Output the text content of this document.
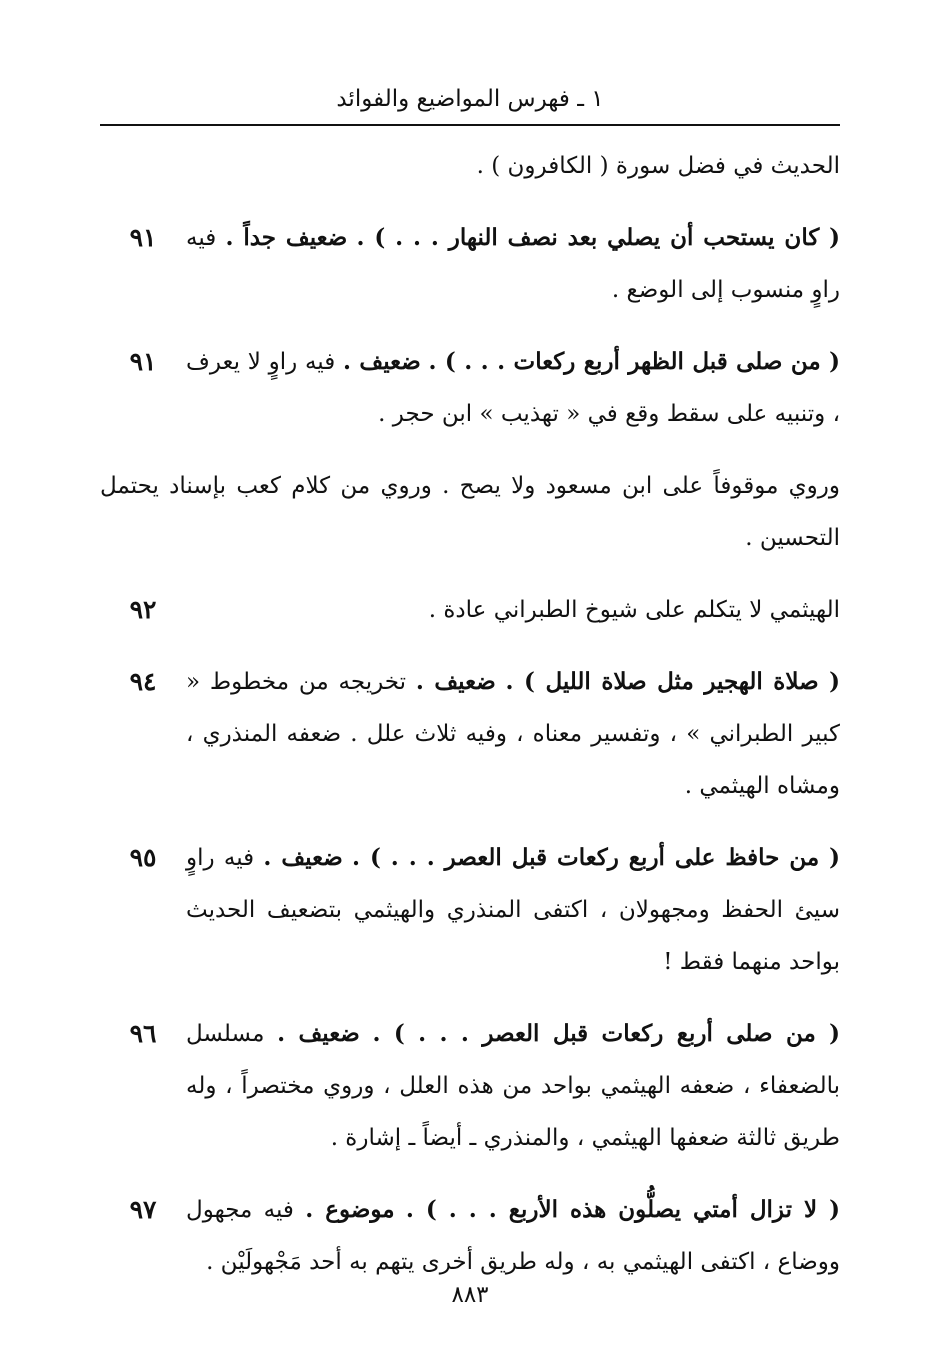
١ ـ فهرس المواضيع والفوائد
الحديث في فضل سورة ( الكافرون ) .
( كان يستحب أن يصلي بعد نصف النهار . . . ) . ضعيف جداً . فيه راوٍ منسوب إلى الوضع .
٩١
( من صلى قبل الظهر أربع ركعات . . . ) . ضعيف . فيه راوٍ لا يعرف ، وتنبيه على سقط وقع في « تهذيب » ابن حجر .
٩١
وروي موقوفاً على ابن مسعود ولا يصح . وروي من كلام كعب بإسناد يحتمل التحسين .
الهيثمي لا يتكلم على شيوخ الطبراني عادة .
٩٢
( صلاة الهجير مثل صلاة الليل ) . ضعيف . تخريجه من مخطوط « كبير الطبراني » ، وتفسير معناه ، وفيه ثلاث علل . ضعفه المنذري ، ومشاه الهيثمي .
٩٤
( من حافظ على أربع ركعات قبل العصر . . . ) . ضعيف . فيه راوٍ سيئ الحفظ ومجهولان ، اكتفى المنذري والهيثمي بتضعيف الحديث بواحد منهما فقط !
٩٥
( من صلى أربع ركعات قبل العصر . . . ) . ضعيف . مسلسل بالضعفاء ، ضعفه الهيثمي بواحد من هذه العلل ، وروي مختصراً ، وله طريق ثالثة ضعفها الهيثمي ، والمنذري ـ أيضاً ـ إشارة .
٩٦
( لا تزال أمتي يصلُّون هذه الأربع . . . ) . موضوع . فيه مجهول ووضاع ، اكتفى الهيثمي به ، وله طريق أخرى يتهم به أحد مَجْهولَيْن .
٩٧
٨٨٣
